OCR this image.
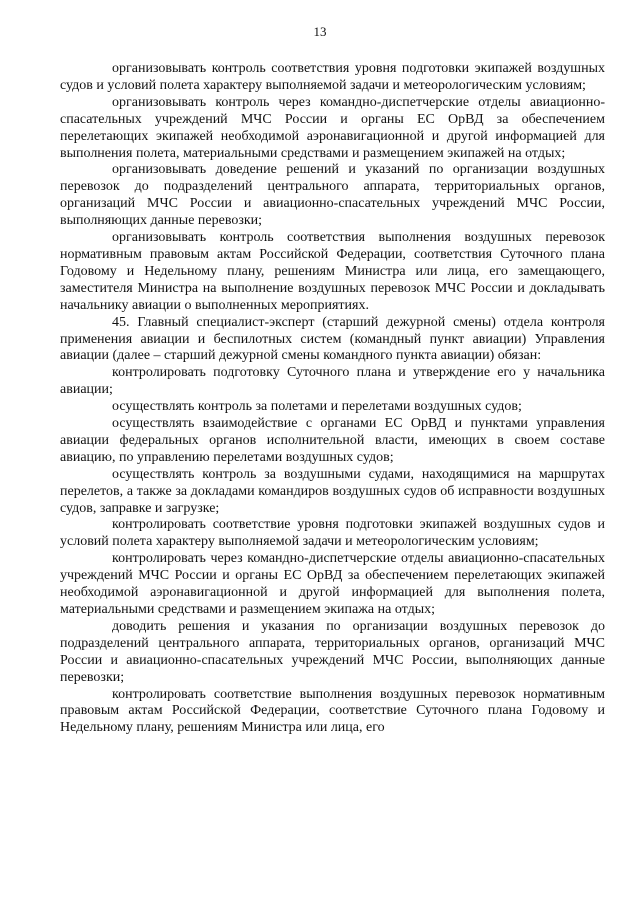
13

организовывать контроль соответствия уровня подготовки экипажей воздушных судов и условий полета характеру выполняемой задачи и метеорологическим условиям;

организовывать контроль через командно-диспетчерские отделы авиационно-спасательных учреждений МЧС России и органы ЕС ОрВД за обеспечением перелетающих экипажей необходимой аэронавигационной и другой информацией для выполнения полета, материальными средствами и размещением экипажей на отдых;

организовывать доведение решений и указаний по организации воздушных перевозок до подразделений центрального аппарата, территориальных органов, организаций МЧС России и авиационно-спасательных учреждений МЧС России, выполняющих данные перевозки;

организовывать контроль соответствия выполнения воздушных перевозок нормативным правовым актам Российской Федерации, соответствия Суточного плана Годовому и Недельному плану, решениям Министра или лица, его замещающего, заместителя Министра на выполнение воздушных перевозок МЧС России и докладывать начальнику авиации о выполненных мероприятиях.

45. Главный специалист-эксперт (старший дежурной смены) отдела контроля применения авиации и беспилотных систем (командный пункт авиации) Управления авиации (далее – старший дежурной смены командного пункта авиации) обязан:

контролировать подготовку Суточного плана и утверждение его у начальника авиации;

осуществлять контроль за полетами и перелетами воздушных судов;

осуществлять взаимодействие с органами ЕС ОрВД и пунктами управления авиации федеральных органов исполнительной власти, имеющих в своем составе авиацию, по управлению перелетами воздушных судов;

осуществлять контроль за воздушными судами, находящимися на маршрутах перелетов, а также за докладами командиров воздушных судов об исправности воздушных судов, заправке и загрузке;

контролировать соответствие уровня подготовки экипажей воздушных судов и условий полета характеру выполняемой задачи и метеорологическим условиям;

контролировать через командно-диспетчерские отделы авиационно-спасательных учреждений МЧС России и органы ЕС ОрВД за обеспечением перелетающих экипажей необходимой аэронавигационной и другой информацией для выполнения полета, материальными средствами и размещением экипажа на отдых;

доводить решения и указания по организации воздушных перевозок до подразделений центрального аппарата, территориальных органов, организаций МЧС России и авиационно-спасательных учреждений МЧС России, выполняющих данные перевозки;

контролировать соответствие выполнения воздушных перевозок нормативным правовым актам Российской Федерации, соответствие Суточного плана Годовому и Недельному плану, решениям Министра или лица, его
